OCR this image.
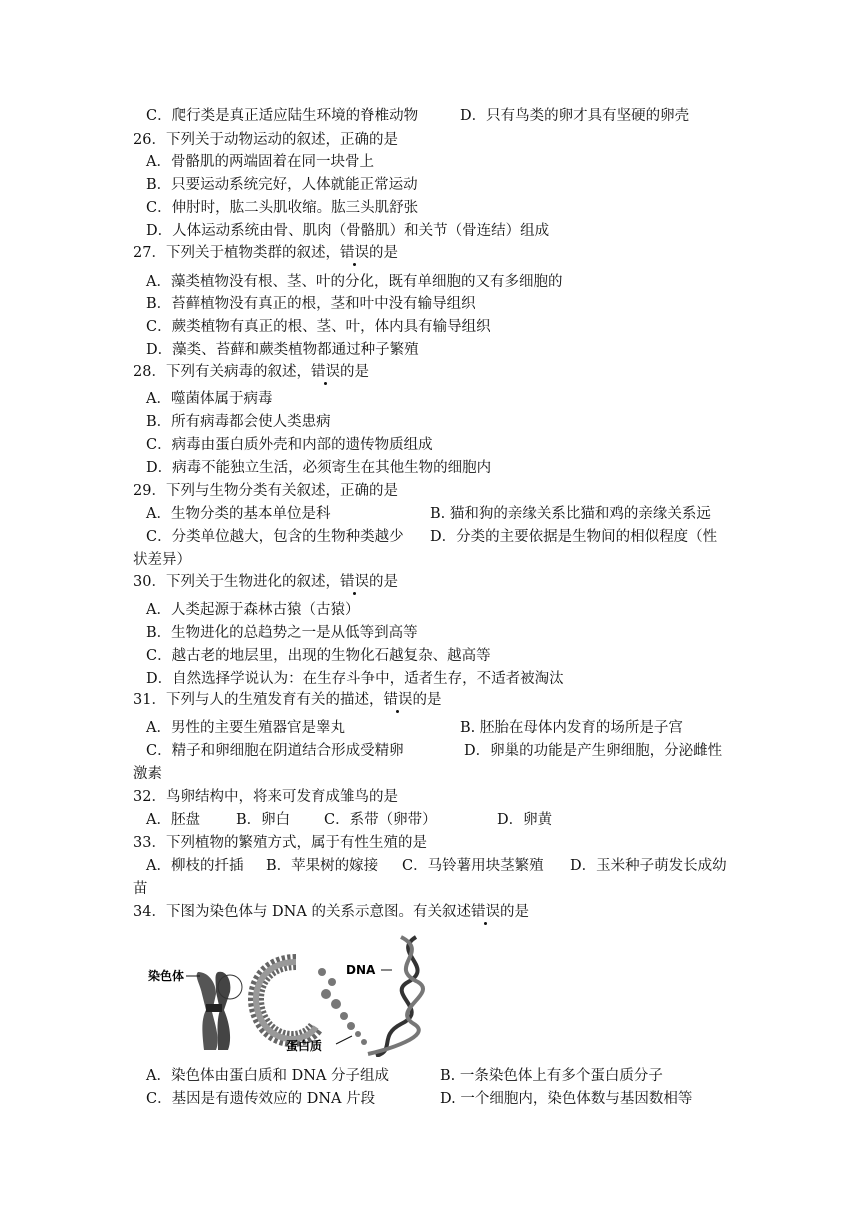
27．下列关于植物类群的叙述，错误的是
28．下列有关病毒的叙述，错误的是
30．下列关于生物进化的叙述，错误的是
31．下列与人的生殖发育有关的描述，错误的是
34．下图为染色体与 DNA 的关系示意图。有关叙述错误的是
染色体	DNA
蛋白质
C．爬行类是真正适应陆生环境的脊椎动物	D．只有鸟类的卵才具有坚硬的卵壳
26．下列关于动物运动的叙述，正确的是
A．骨骼肌的两端固着在同一块骨上
B．只要运动系统完好，人体就能正常运动
C．伸肘时，肱二头肌收缩。肱三头肌舒张
D．人体运动系统由骨、肌肉（骨骼肌）和关节（骨连结）组成
A．藻类植物没有根、茎、叶的分化，既有单细胞的又有多细胞的
B．苔藓植物没有真正的根，茎和叶中没有输导组织
C．蕨类植物有真正的根、茎、叶，体内具有输导组织
D．藻类、苔藓和蕨类植物都通过种子繁殖
A．噬菌体属于病毒
B．所有病毒都会使人类患病
C．病毒由蛋白质外壳和内部的遗传物质组成
D．病毒不能独立生活，必须寄生在其他生物的细胞内
29．下列与生物分类有关叙述，正确的是
A．生物分类的基本单位是科	B. 猫和狗的亲缘关系比猫和鸡的亲缘关系远
C．分类单位越大，包含的生物种类越少 D．分类的主要依据是生物间的相似程度（性
状差异）
A．人类起源于森林古猿（古猿）
B．生物进化的总趋势之一是从低等到高等
C．越古老的地层里，出现的生物化石越复杂、越高等
D．自然选择学说认为：在生存斗争中，适者生存，不适者被淘汰
A．男性的主要生殖器官是睾丸	B. 胚胎在母体内发育的场所是子宫
C．精子和卵细胞在阴道结合形成受精卵	D．卵巢的功能是产生卵细胞，分泌雌性
激素
32．鸟卵结构中，将来可发育成雏鸟的是
A．胚盘 B．卵白 C．系带（卵带）	D．卵黄
33．下列植物的繁殖方式，属于有性生殖的是
A．柳枝的扦插 B．苹果树的嫁接 C．马铃薯用块茎繁殖 D．玉米种子萌发长成幼
苗
A．染色体由蛋白质和 DNA 分子组成	B. 一条染色体上有多个蛋白质分子
C．基因是有遗传效应的 DNA 片段	D. 一个细胞内，染色体数与基因数相等
